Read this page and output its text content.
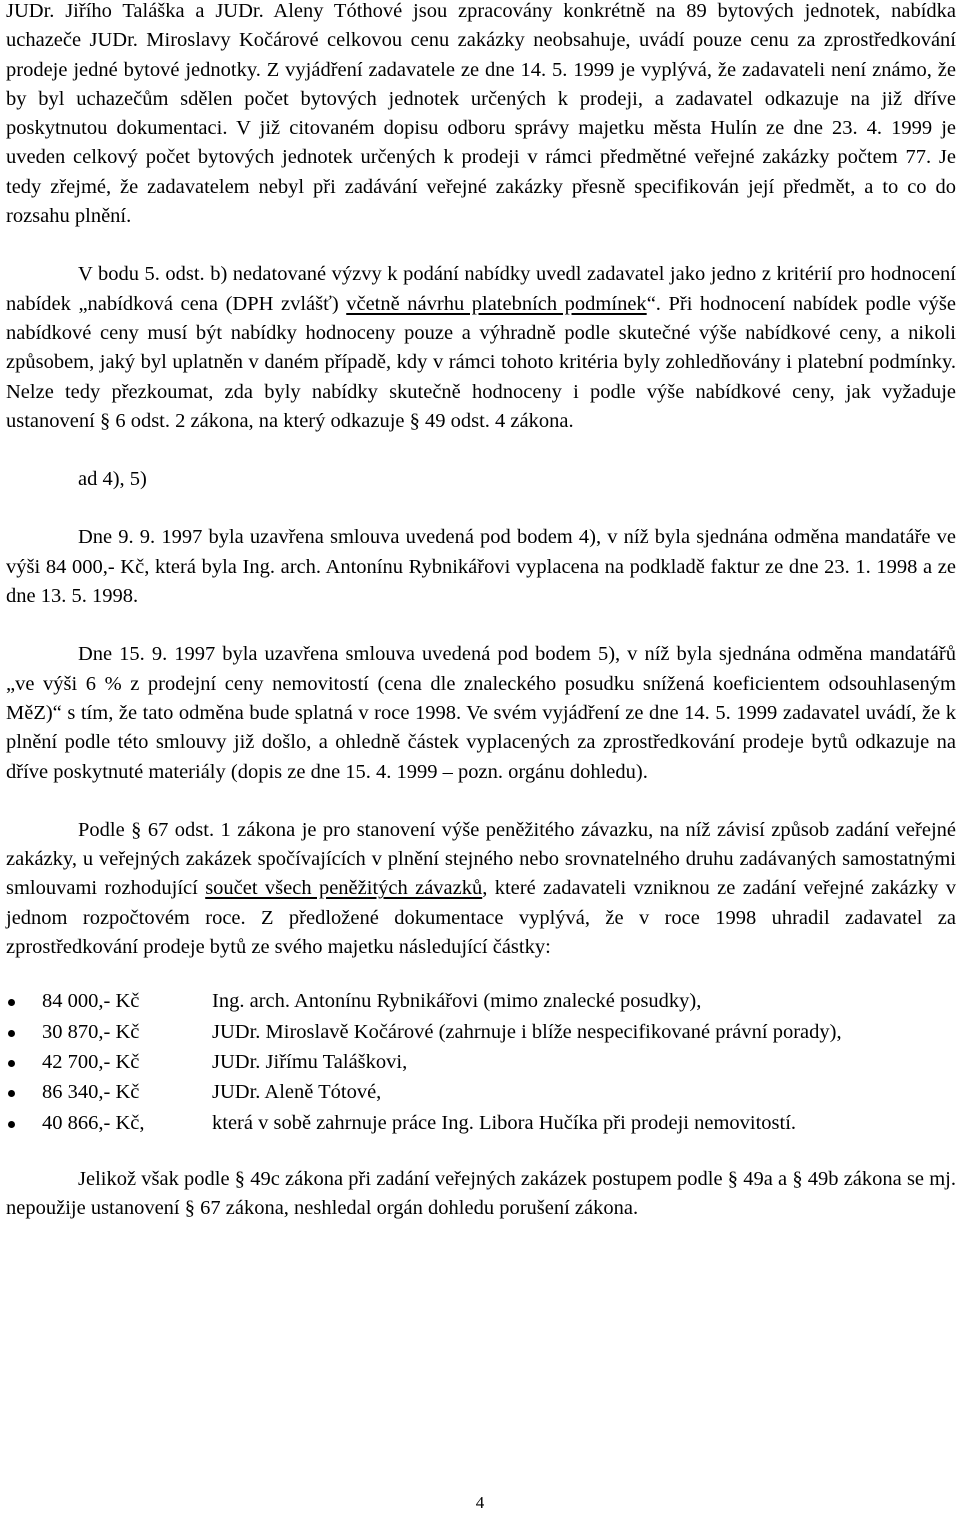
JUDr. Jiřího Taláška a JUDr. Aleny Tóthové jsou zpracovány konkrétně na 89 bytových jednotek, nabídka uchazeče JUDr. Miroslavy Kočárové celkovou cenu zakázky neobsahuje, uvádí pouze cenu za zprostředkování prodeje jedné bytové jednotky. Z vyjádření zadavatele ze dne 14. 5. 1999 je vyplývá, že zadavateli není známo, že by byl uchazečům sdělen počet bytových jednotek určených k prodeji, a zadavatel odkazuje na již dříve poskytnutou dokumentaci. V již citovaném dopisu odboru správy majetku města Hulín ze dne 23. 4. 1999 je uveden celkový počet bytových jednotek určených k prodeji v rámci předmětné veřejné zakázky počtem 77. Je tedy zřejmé, že zadavatelem nebyl při zadávání veřejné zakázky přesně specifikován její předmět, a to co do rozsahu plnění.

V bodu 5. odst. b) nedatované výzvy k podání nabídky uvedl zadavatel jako jedno z kritérií pro hodnocení nabídek „nabídková cena (DPH zvlášť) včetně návrhu platebních podmínek“. Při hodnocení nabídek podle výše nabídkové ceny musí být nabídky hodnoceny pouze a výhradně podle skutečné výše nabídkové ceny, a nikoli způsobem, jaký byl uplatněn v daném případě, kdy v rámci tohoto kritéria byly zohledňovány i platební podmínky. Nelze tedy přezkoumat, zda byly nabídky skutečně hodnoceny i podle výše nabídkové ceny, jak vyžaduje ustanovení § 6 odst. 2 zákona, na který odkazuje § 49 odst. 4 zákona.

ad 4), 5)

Dne 9. 9. 1997 byla uzavřena smlouva uvedená pod bodem 4), v níž byla sjednána odměna mandatáře ve výši 84 000,- Kč, která byla Ing. arch. Antonínu Rybnikářovi vyplacena na podkladě faktur ze dne 23. 1. 1998 a ze dne 13. 5. 1998.

Dne 15. 9. 1997 byla uzavřena smlouva uvedená pod bodem 5), v níž byla sjednána odměna mandatářů „ve výši 6 % z prodejní ceny nemovitostí (cena dle znaleckého posudku snížená koeficientem odsouhlaseným MěZ)“ s tím, že tato odměna bude splatná v roce 1998. Ve svém vyjádření ze dne 14. 5. 1999 zadavatel uvádí, že k plnění podle této smlouvy již došlo, a ohledně částek vyplacených za zprostředkování prodeje bytů odkazuje na dříve poskytnuté materiály (dopis ze dne 15. 4. 1999 – pozn. orgánu dohledu).

Podle § 67 odst. 1 zákona je pro stanovení výše peněžitého závazku, na níž závisí způsob zadání veřejné zakázky, u veřejných zakázek spočívajících v plnění stejného nebo srovnatelného druhu zadávaných samostatnými smlouvami rozhodující součet všech peněžitých závazků, které zadavateli vzniknou ze zadání veřejné zakázky v jednom rozpočtovém roce. Z předložené dokumentace vyplývá, že v roce 1998 uhradil zadavatel za zprostředkování prodeje bytů ze svého majetku následující částky:

84 000,- Kč	Ing. arch. Antonínu Rybnikářovi (mimo znalecké posudky),
30 870,- Kč	JUDr. Miroslavě Kočárové (zahrnuje i blíže nespecifikované právní porady),
42 700,- Kč	JUDr. Jiřímu Taláškovi,
86 340,- Kč	JUDr. Aleně Tótové,
40 866,- Kč,	která v sobě zahrnuje práce Ing. Libora Hučíka při prodeji nemovitostí.

Jelikož však podle § 49c zákona při zadání veřejných zakázek postupem podle § 49a a § 49b zákona se mj. nepoužije ustanovení § 67 zákona, neshledal orgán dohledu porušení zákona.

4
